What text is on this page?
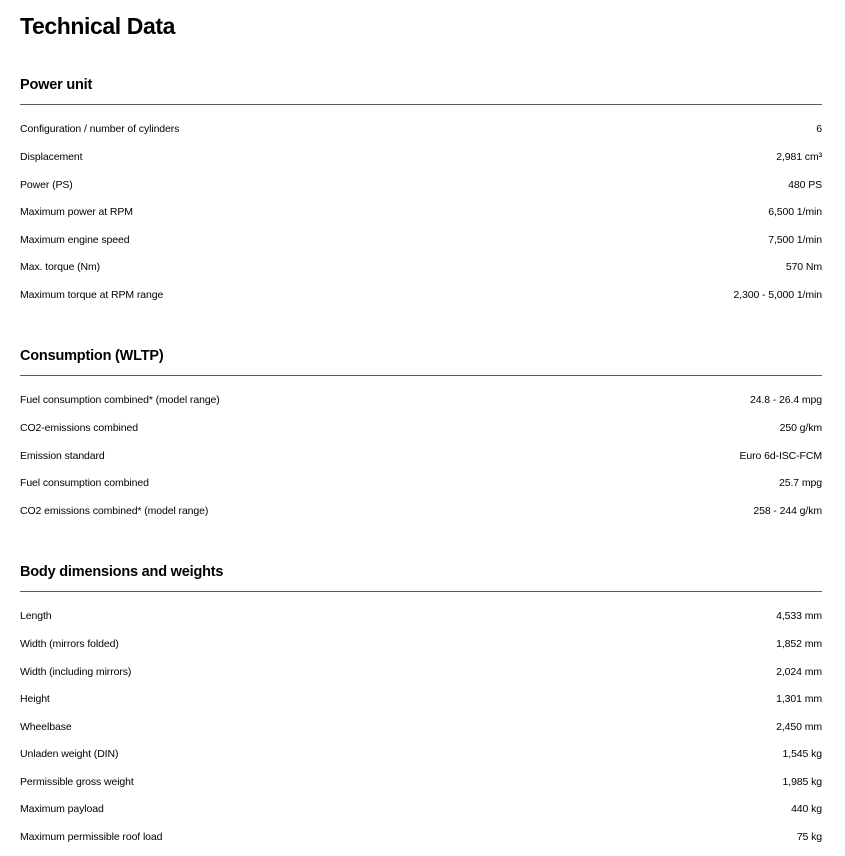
Technical Data
Power unit
Configuration / number of cylinders	6
Displacement	2,981 cm³
Power (PS)	480 PS
Maximum power at RPM	6,500 1/min
Maximum engine speed	7,500 1/min
Max. torque (Nm)	570 Nm
Maximum torque at RPM range	2,300 - 5,000 1/min
Consumption (WLTP)
Fuel consumption combined* (model range)	24.8 - 26.4 mpg
CO2-emissions combined	250 g/km
Emission standard	Euro 6d-ISC-FCM
Fuel consumption combined	25.7 mpg
CO2 emissions combined* (model range)	258 - 244 g/km
Body dimensions and weights
Length	4,533 mm
Width (mirrors folded)	1,852 mm
Width (including mirrors)	2,024 mm
Height	1,301 mm
Wheelbase	2,450 mm
Unladen weight (DIN)	1,545 kg
Permissible gross weight	1,985 kg
Maximum payload	440 kg
Maximum permissible roof load	75 kg
